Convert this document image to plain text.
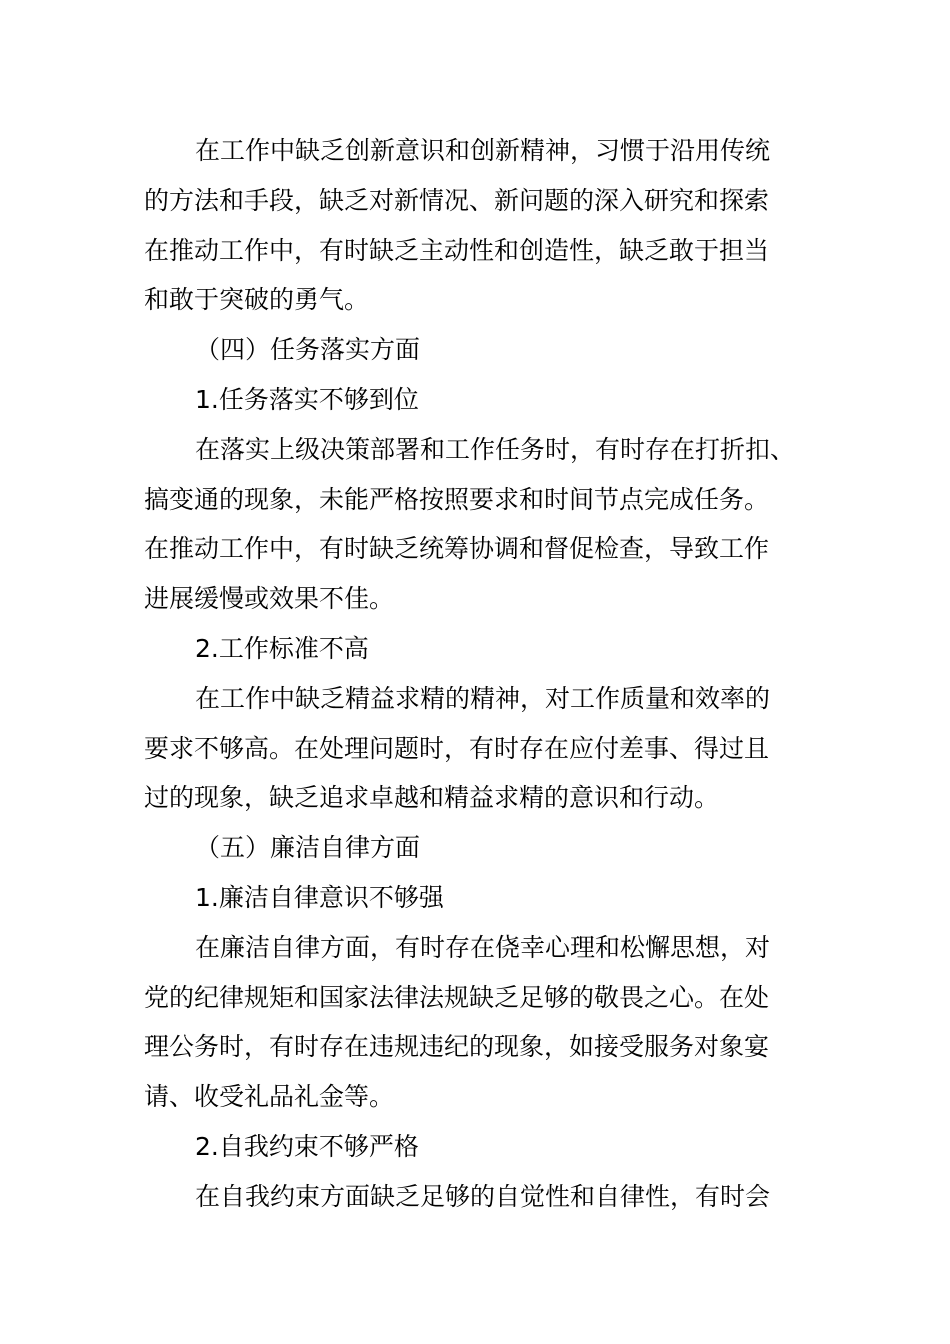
在工作中缺乏创新意识和创新精神，习惯于沿用传统
的方法和手段，缺乏对新情况、新问题的深入研究和探索
在推动工作中，有时缺乏主动性和创造性，缺乏敢于担当
和敢于突破的勇气。
（四）任务落实方面
1.任务落实不够到位
在落实上级决策部署和工作任务时，有时存在打折扣、
搞变通的现象，未能严格按照要求和时间节点完成任务。
在推动工作中，有时缺乏统筹协调和督促检查，导致工作
进展缓慢或效果不佳。
2.工作标准不高
在工作中缺乏精益求精的精神，对工作质量和效率的
要求不够高。在处理问题时，有时存在应付差事、得过且
过的现象，缺乏追求卓越和精益求精的意识和行动。
（五）廉洁自律方面
1.廉洁自律意识不够强
在廉洁自律方面，有时存在侥幸心理和松懈思想，对
党的纪律规矩和国家法律法规缺乏足够的敬畏之心。在处
理公务时，有时存在违规违纪的现象，如接受服务对象宴
请、收受礼品礼金等。
2.自我约束不够严格
在自我约束方面缺乏足够的自觉性和自律性，有时会
